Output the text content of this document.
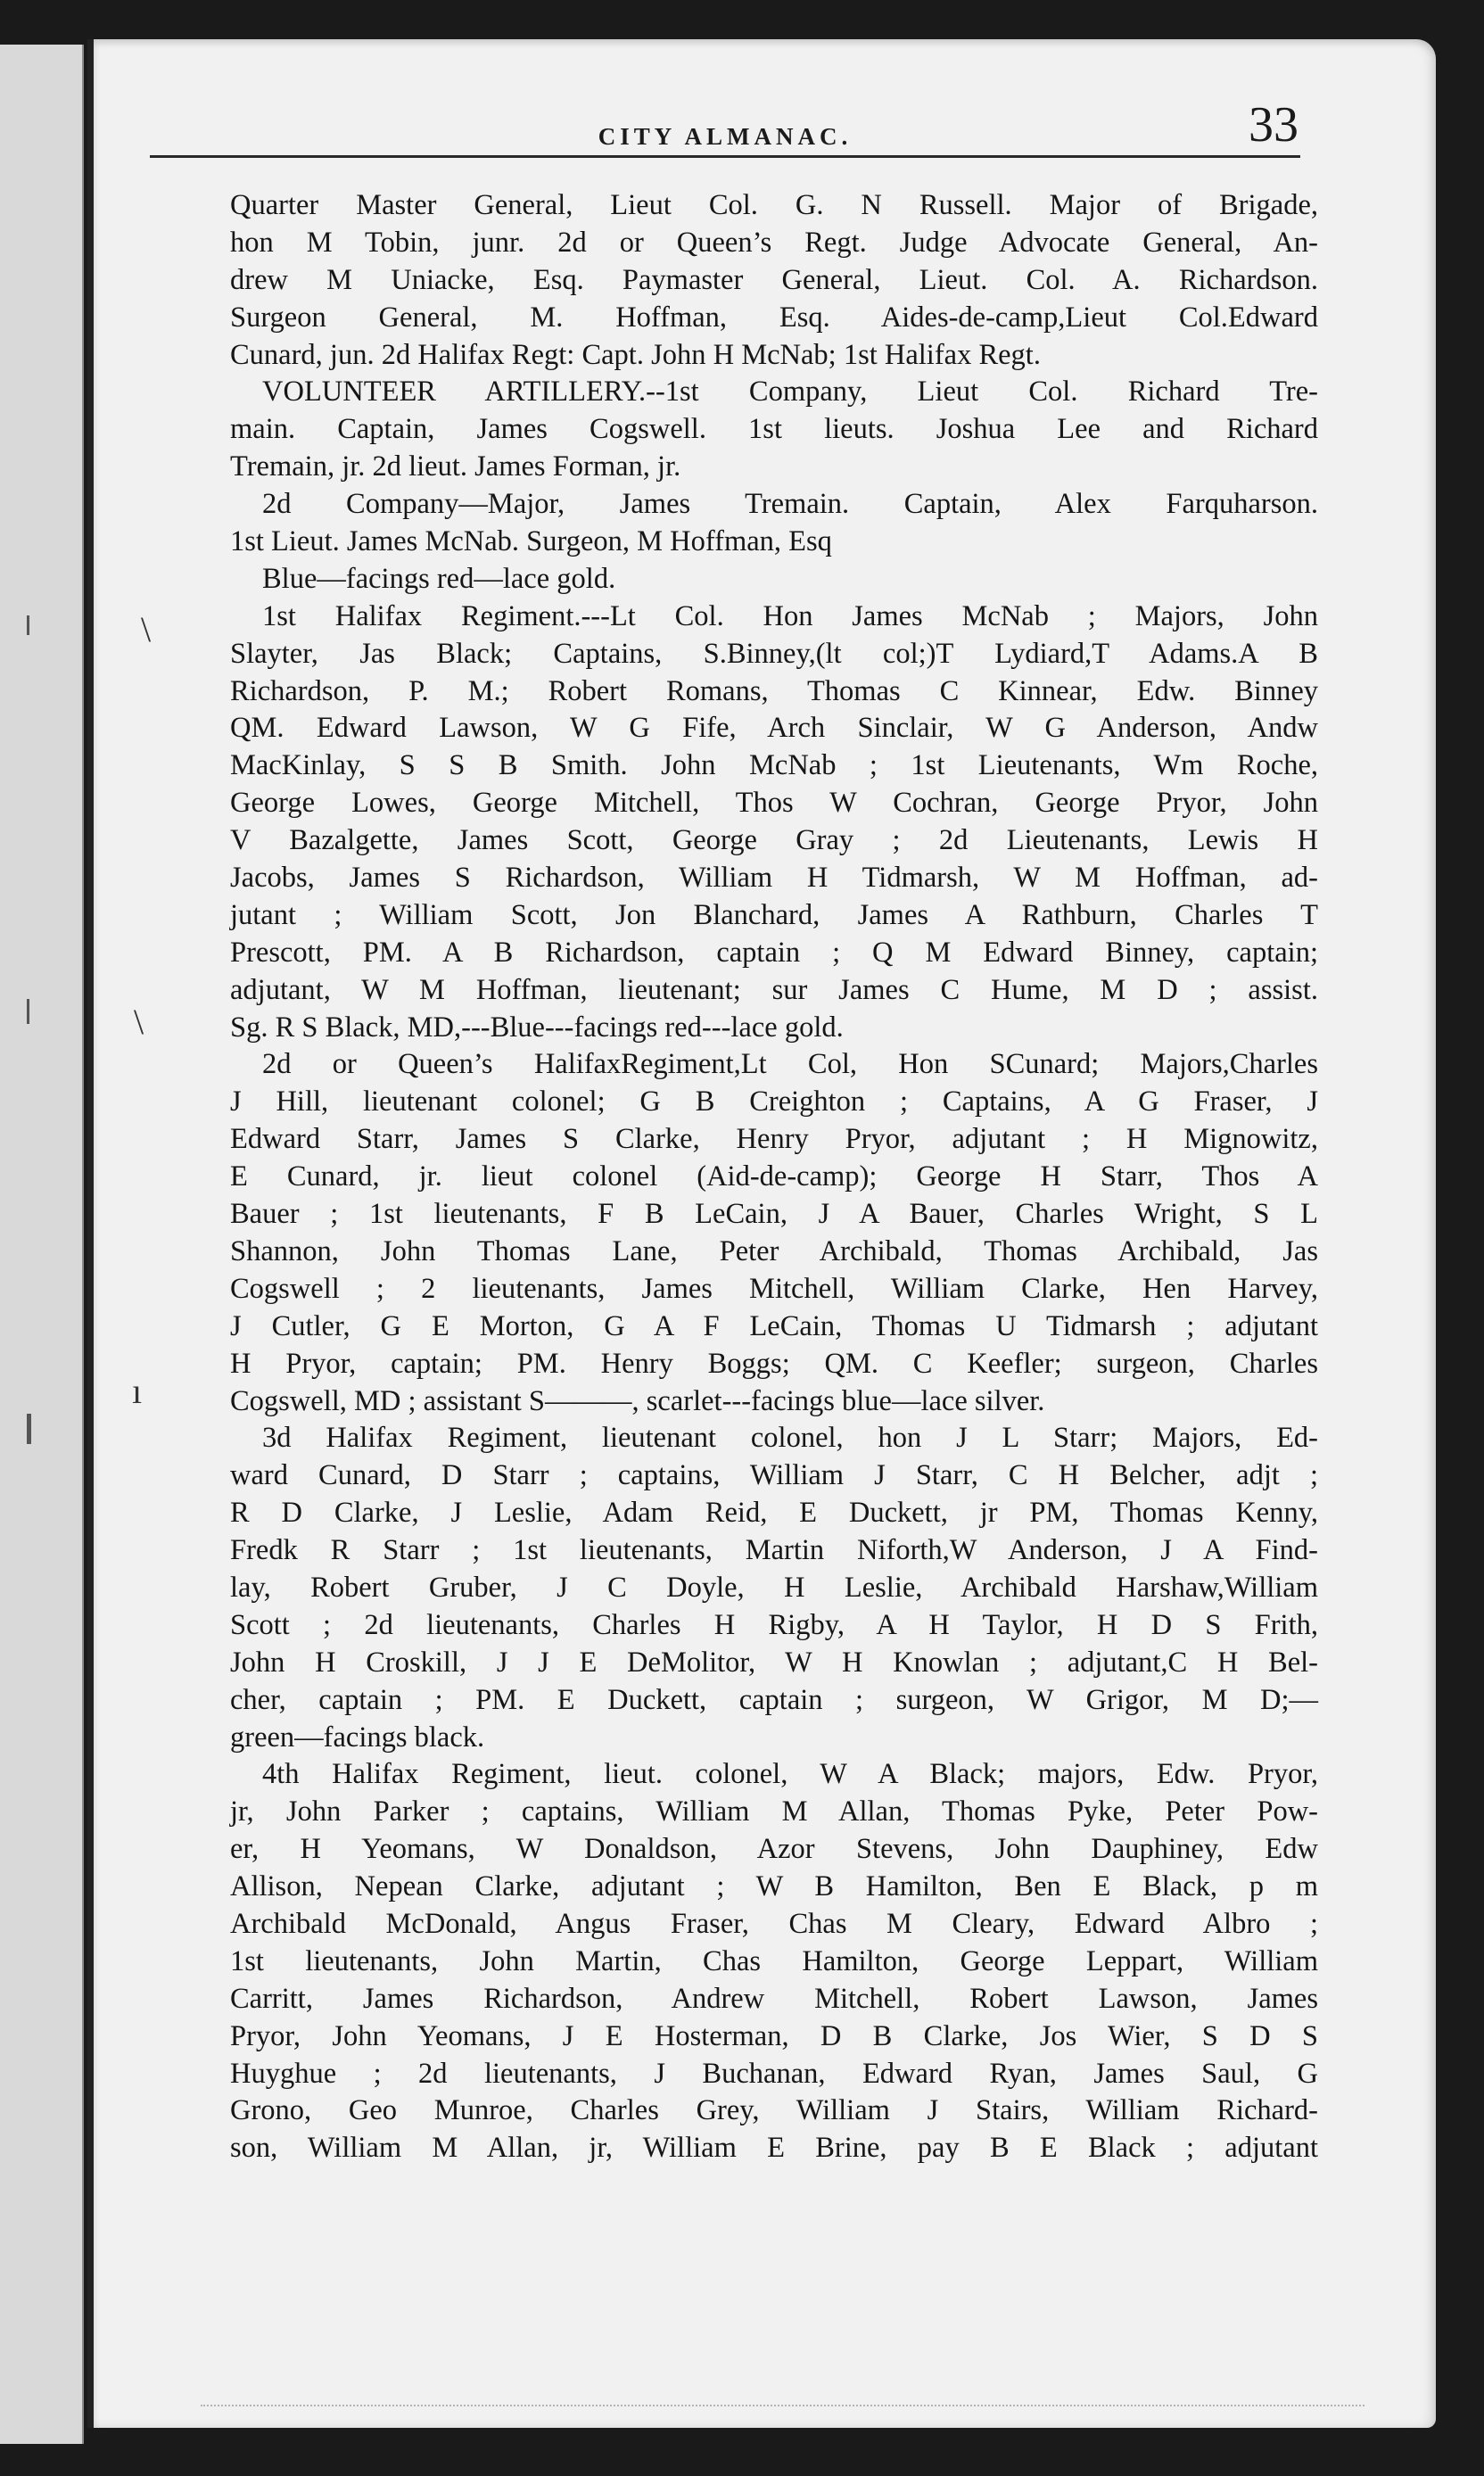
\
\
ı
CITY ALMANAC.	33
Quarter Master General, Lieut Col. G. N Russell. Major of Brigade,
hon M Tobin, junr. 2d or Queen’s Regt. Judge Advocate General, An-
drew M Uniacke, Esq. Paymaster General, Lieut. Col. A. Richardson.
Surgeon General, M. Hoffman, Esq. Aides-de-camp,Lieut Col.Edward
Cunard, jun. 2d Halifax Regt: Capt. John H McNab; 1st Halifax Regt.
VOLUNTEER ARTILLERY.--1st Company, Lieut Col. Richard Tre-
main. Captain, James Cogswell. 1st lieuts. Joshua Lee and Richard
Tremain, jr. 2d lieut. James Forman, jr.
2d Company—Major, James Tremain. Captain, Alex Farquharson.
1st Lieut. James McNab. Surgeon, M Hoffman, Esq
Blue—facings red—lace gold.
1st Halifax Regiment.---Lt Col. Hon James McNab ; Majors, John
Slayter, Jas Black; Captains, S.Binney,(lt col;)T Lydiard,T Adams.A B
Richardson, P. M.; Robert Romans, Thomas C Kinnear, Edw. Binney
QM. Edward Lawson, W G Fife, Arch Sinclair, W G Anderson, Andw
MacKinlay, S S B Smith. John McNab ; 1st Lieutenants, Wm Roche,
George Lowes, George Mitchell, Thos W Cochran, George Pryor, John
V Bazalgette, James Scott, George Gray ; 2d Lieutenants, Lewis H
Jacobs, James S Richardson, William H Tidmarsh, W M Hoffman, ad-
jutant ; William Scott, Jon Blanchard, James A Rathburn, Charles T
Prescott, PM. A B Richardson, captain ; Q M Edward Binney, captain;
adjutant, W M Hoffman, lieutenant; sur James C Hume, M D ; assist.
Sg. R S Black, MD,---Blue---facings red---lace gold.
2d or Queen’s HalifaxRegiment,Lt Col, Hon SCunard; Majors,Charles
J Hill, lieutenant colonel; G B Creighton ; Captains, A G Fraser, J
Edward Starr, James S Clarke, Henry Pryor, adjutant ; H Mignowitz,
E Cunard, jr. lieut colonel (Aid-de-camp); George H Starr, Thos A
Bauer ; 1st lieutenants, F B LeCain, J A Bauer, Charles Wright, S L
Shannon, John Thomas Lane, Peter Archibald, Thomas Archibald, Jas
Cogswell ; 2 lieutenants, James Mitchell, William Clarke, Hen Harvey,
J Cutler, G E Morton, G A F LeCain, Thomas U Tidmarsh ; adjutant
H Pryor, captain; PM. Henry Boggs; QM. C Keefler; surgeon, Charles
Cogswell, MD ; assistant S———, scarlet---facings blue—lace silver.
3d Halifax Regiment, lieutenant colonel, hon J L Starr; Majors, Ed-
ward Cunard, D Starr ; captains, William J Starr, C H Belcher, adjt ;
R D Clarke, J Leslie, Adam Reid, E Duckett, jr PM, Thomas Kenny,
Fredk R Starr ; 1st lieutenants, Martin Niforth,W Anderson, J A Find-
lay, Robert Gruber, J C Doyle, H Leslie, Archibald Harshaw,William
Scott ; 2d lieutenants, Charles H Rigby, A H Taylor, H D S Frith,
John H Croskill, J J E DeMolitor, W H Knowlan ; adjutant,C H Bel-
cher, captain ; PM. E Duckett, captain ; surgeon, W Grigor, M D;—
green—facings black.
4th Halifax Regiment, lieut. colonel, W A Black; majors, Edw. Pryor,
jr, John Parker ; captains, William M Allan, Thomas Pyke, Peter Pow-
er, H Yeomans, W Donaldson, Azor Stevens, John Dauphiney, Edw
Allison, Nepean Clarke, adjutant ; W B Hamilton, Ben E Black, p m
Archibald McDonald, Angus Fraser, Chas M Cleary, Edward Albro ;
1st lieutenants, John Martin, Chas Hamilton, George Leppart, William
Carritt, James Richardson, Andrew Mitchell, Robert Lawson, James
Pryor, John Yeomans, J E Hosterman, D B Clarke, Jos Wier, S D S
Huyghue ; 2d lieutenants, J Buchanan, Edward Ryan, James Saul, G
Grono, Geo Munroe, Charles Grey, William J Stairs, William Richard-
son, William M Allan, jr, William E Brine, pay B E Black ; adjutant
